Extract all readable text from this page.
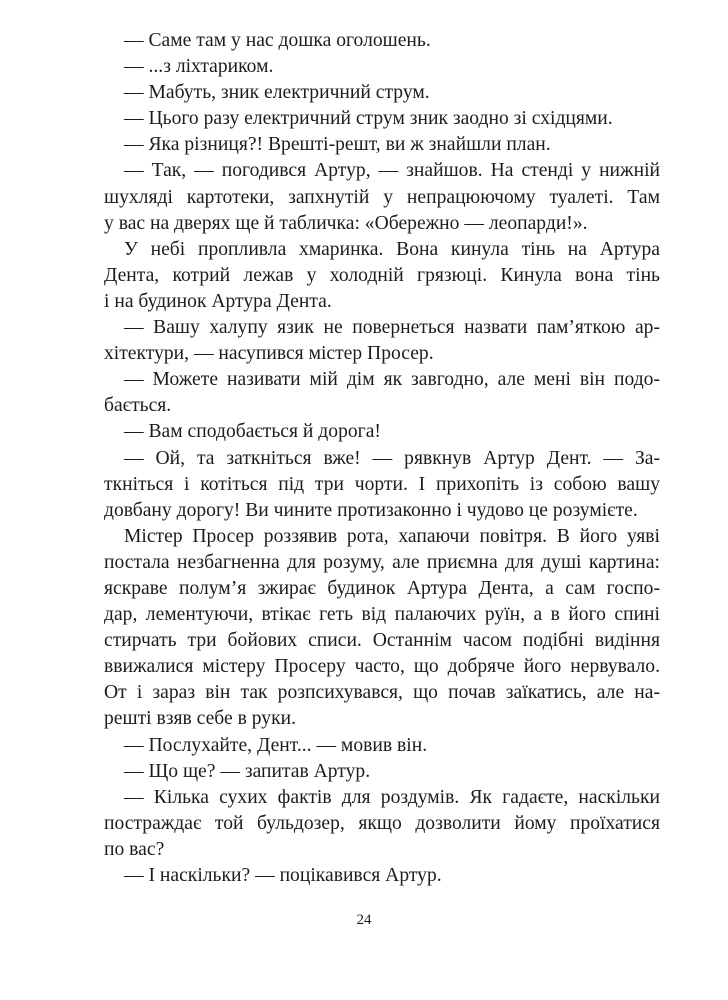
— Саме там у нас дошка оголошень.
— ...з ліхтариком.
— Мабуть, зник електричний струм.
— Цього разу електричний струм зник заодно зі східцями.
— Яка різниця?! Врешті-решт, ви ж знайшли план.
— Так, — погодився Артур, — знайшов. На стенді у нижній
шухляді картотеки, запхнутій у непрацюючому туалеті. Там
у вас на дверях ще й табличка: «Обережно — леопарди!».
У небі пропливла хмаринка. Вона кинула тінь на Артура
Дента, котрий лежав у холодній грязюці. Кинула вона тінь
і на будинок Артура Дента.
— Вашу халупу язик не повернеться назвати пам’яткою ар-
хітектури, — насупився містер Просер.
— Можете називати мій дім як завгодно, але мені він подо-
бається.
— Вам сподобається й дорога!
— Ой, та заткніться вже! — рявкнув Артур Дент. — За-
ткніться і котіться під три чорти. І прихопіть із собою вашу
довбану дорогу! Ви чините протизаконно і чудово це розумієте.
Містер Просер роззявив рота, хапаючи повітря. В його уяві
постала незбагненна для розуму, але приємна для душі картина:
яскраве полум’я зжирає будинок Артура Дента, а сам госпо-
дар, лементуючи, втікає геть від палаючих руїн, а в його спині
стирчать три бойових списи. Останнім часом подібні видіння
ввижалися містеру Просеру часто, що добряче його нервувало.
От і зараз він так розпсихувався, що почав заїкатись, але на-
решті взяв себе в руки.
— Послухайте, Дент... — мовив він.
— Що ще? — запитав Артур.
— Кілька сухих фактів для роздумів. Як гадаєте, наскільки
постраждає той бульдозер, якщо дозволити йому проїхатися
по вас?
— І наскільки? — поцікавився Артур.
24
